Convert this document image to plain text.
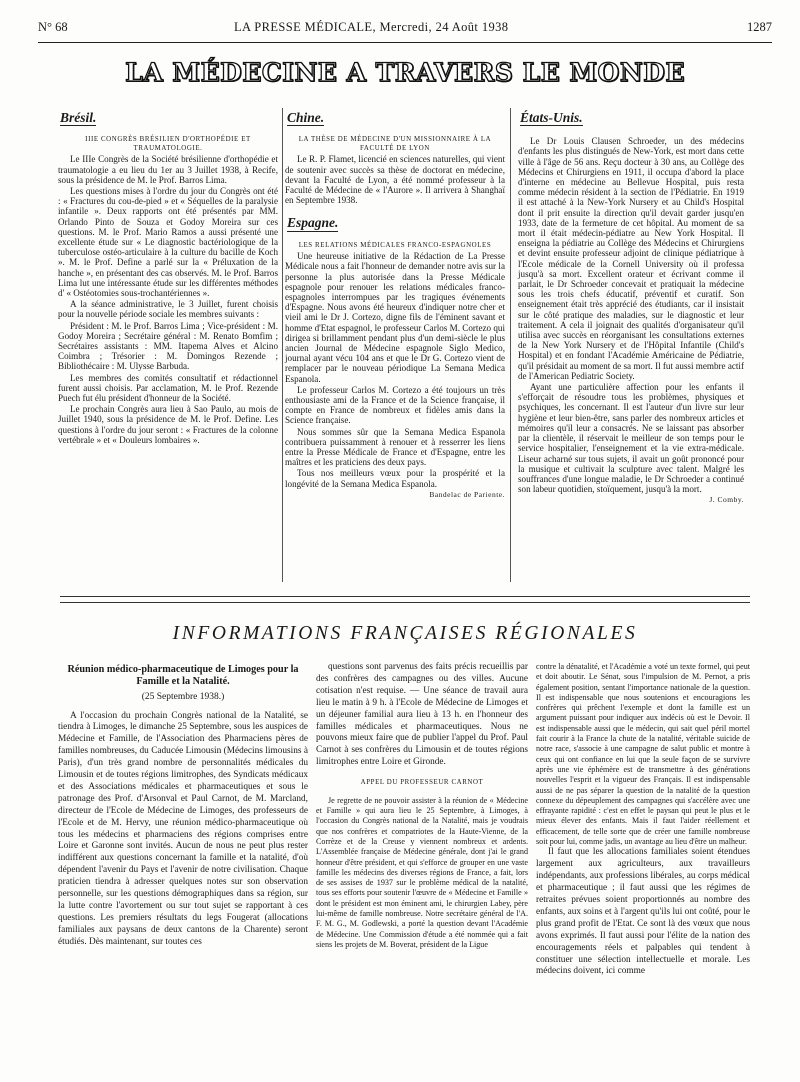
N° 68	LA PRESSE MÉDICALE, Mercredi, 24 Août 1938	1287
LA MÉDECINE A TRAVERS LE MONDE
Brésil.

IIIE CONGRÈS BRÉSILIEN D'ORTHOPÉDIE ET TRAUMATOLOGIE.

Le IIIe Congrès de la Société brésilienne d'orthopédie et traumatologie a eu lieu du 1er au 3 Juillet 1938, à Recife, sous la présidence de M. le Prof. Barros Lima.

Les questions mises à l'ordre du jour du Congrès ont été : « Fractures du cou-de-pied » et « Séquelles de la paralysie infantile ». Deux rapports ont été présentés par MM. Orlando Pinto de Souza et Godoy Moreira sur ces questions. M. le Prof. Mario Ramos a aussi présenté une excellente étude sur « Le diagnostic bactériologique de la tuberculose ostéo-articulaire à la culture du bacille de Koch ». M. le Prof. Define a parlé sur la « Préluxation de la hanche », en présentant des cas observés. M. le Prof. Barros Lima lut une intéressante étude sur les différentes méthodes d' « Ostéotomies sous-trochantériennes ».

A la séance administrative, le 3 Juillet, furent choisis pour la nouvelle période sociale les membres suivants :

Président : M. le Prof. Barros Lima ; Vice-président : M. Godoy Moreira ; Secrétaire général : M. Renato Bomfim ; Secrétaires assistants : MM. Itapema Alves et Alcino Coimbra ; Trésorier : M. Domingos Rezende ; Bibliothécaire : M. Ulysse Barbuda.

Les membres des comités consultatif et rédactionnel furent aussi choisis. Par acclamation, M. le Prof. Rezende Puech fut élu président d'honneur de la Société.

Le prochain Congrès aura lieu à Sao Paulo, au mois de Juillet 1940, sous la présidence de M. le Prof. Define. Les questions à l'ordre du jour seront : « Fractures de la colonne vertébrale » et « Douleurs lombaires ».

Chine.

LA THÈSE DE MÉDECINE D'UN MISSIONNAIRE À LA FACULTÉ DE LYON

Le R. P. Flamet, licencié en sciences naturelles, qui vient de soutenir avec succès sa thèse de doctorat en médecine, devant la Faculté de Lyon, a été nommé professeur à la Faculté de Médecine de « l'Aurore ». Il arrivera à Shanghaï en Septembre 1938.

Espagne.

LES RELATIONS MÉDICALES FRANCO-ESPAGNOLES

Une heureuse initiative de la Rédaction de La Presse Médicale nous a fait l'honneur de demander notre avis sur la personne la plus autorisée dans la Presse Médicale espagnole pour renouer les relations médicales franco-espagnoles interrompues par les tragiques événements d'Espagne. Nous avons été heureux d'indiquer notre cher et vieil ami le Dr J. Cortezo, digne fils de l'éminent savant et homme d'Etat espagnol, le professeur Carlos M. Cortezo qui dirigea si brillamment pendant plus d'un demi-siècle le plus ancien Journal de Médecine espagnole Siglo Medico, journal ayant vécu 104 ans et que le Dr G. Cortezo vient de remplacer par le nouveau périodique La Semana Medica Espanola.

Le professeur Carlos M. Cortezo a été toujours un très enthousiaste ami de la France et de la Science française, il compte en France de nombreux et fidèles amis dans la Science française.

Nous sommes sûr que la Semana Medica Espanola contribuera puissamment à renouer et à resserrer les liens entre la Presse Médicale de France et d'Espagne, entre les maîtres et les praticiens des deux pays.

Tous nos meilleurs vœux pour la prospérité et la longévité de la Semana Medica Espanola.

Bandelac de Pariente.

États-Unis.

Le Dr Louis Clausen Schroeder, un des médecins d'enfants les plus distingués de New-York, est mort dans cette ville à l'âge de 56 ans. Reçu docteur à 30 ans, au Collège des Médecins et Chirurgiens en 1911, il occupa d'abord la place d'interne en médecine au Bellevue Hospital, puis resta comme médecin résident à la section de l'Pédiatrie. En 1919 il est attaché à la New-York Nursery et au Child's Hospital dont il prit ensuite la direction qu'il devait garder jusqu'en 1933, date de la fermeture de cet hôpital. Au moment de sa mort il était médecin-pédiatre au New York Hospital. Il enseigna la pédiatrie au Collège des Médecins et Chirurgiens et devint ensuite professeur adjoint de clinique pédiatrique à l'Ecole médicale de la Cornell University où il professa jusqu'à sa mort. Excellent orateur et écrivant comme il parlait, le Dr Schroeder concevait et pratiquait la médecine sous les trois chefs éducatif, préventif et curatif. Son enseignement était très apprécié des étudiants, car il insistait sur le côté pratique des maladies, sur le diagnostic et leur traitement. A cela il joignait des qualités d'organisateur qu'il utilisa avec succès en réorganisant les consultations externes de la New York Nursery et de l'Hôpital Infantile (Child's Hospital) et en fondant l'Académie Américaine de Pédiatrie, qu'il présidait au moment de sa mort. Il fut aussi membre actif de l'American Pediatric Society.

Ayant une particulière affection pour les enfants il s'efforçait de résoudre tous les problèmes, physiques et psychiques, les concernant. Il est l'auteur d'un livre sur leur hygiène et leur bien-être, sans parler des nombreux articles et mémoires qu'il leur a consacrés. Ne se laissant pas absorber par la clientèle, il réservait le meilleur de son temps pour le service hospitalier, l'enseignement et la vie extra-médicale. Liseur acharné sur tous sujets, il avait un goût prononcé pour la musique et cultivait la sculpture avec talent. Malgré les souffrances d'une longue maladie, le Dr Schroeder a continué son labeur quotidien, stoïquement, jusqu'à la mort.

J. Comby.

INFORMATIONS FRANÇAISES RÉGIONALES
Réunion médico-pharmaceutique de Limoges pour la Famille et la Natalité.
(25 Septembre 1938.)

A l'occasion du prochain Congrès national de la Natalité, se tiendra à Limoges, le dimanche 25 Septembre, sous les auspices de Médecine et Famille, de l'Association des Pharmaciens pères de familles nombreuses, du Caducée Limousin (Médecins limousins à Paris), d'un très grand nombre de personnalités médicales du Limousin et de toutes régions limitrophes, des Syndicats médicaux et des Associations médicales et pharmaceutiques et sous le patronage des Prof. d'Arsonval et Paul Carnot, de M. Marcland, directeur de l'Ecole de Médecine de Limoges, des professeurs de l'Ecole et de M. Hervy, une réunion médico-pharmaceutique où tous les médecins et pharmaciens des régions comprises entre Loire et Garonne sont invités. Aucun de nous ne peut plus rester indifférent aux questions concernant la famille et la natalité, d'où dépendent l'avenir du Pays et l'avenir de notre civilisation. Chaque praticien tiendra à adresser quelques notes sur son observation personnelle, sur les questions démographiques dans sa région, sur la lutte contre l'avortement ou sur tout sujet se rapportant à ces questions. Les premiers résultats du legs Fougerat (allocations familiales aux paysans de deux cantons de la Charente) seront étudiés. Dès maintenant, sur toutes ces

questions sont parvenus des faits précis recueillis par des confrères des campagnes ou des villes. Aucune cotisation n'est requise. — Une séance de travail aura lieu le matin à 9 h. à l'Ecole de Médecine de Limoges et un déjeuner familial aura lieu à 13 h. en l'honneur des familles médicales et pharmaceutiques. Nous ne pouvons mieux faire que de publier l'appel du Prof. Paul Carnot à ses confrères du Limousin et de toutes régions limitrophes entre Loire et Gironde.

APPEL DU PROFESSEUR CARNOT

Je regrette de ne pouvoir assister à la réunion de « Médecine et Famille » qui aura lieu le 25 Septembre, à Limoges, à l'occasion du Congrès national de la Natalité, mais je voudrais que nos confrères et compatriotes de la Haute-Vienne, de la Corrèze et de la Creuse y viennent nombreux et ardents. L'Assemblée française de Médecine générale, dont j'ai le grand honneur d'être président, et qui s'efforce de grouper en une vaste famille les médecins des diverses régions de France, a fait, lors de ses assises de 1937 sur le problème médical de la natalité, tous ses efforts pour soutenir l'œuvre de « Médecine et Famille » dont le président est mon éminent ami, le chirurgien Labey, père lui-même de famille nombreuse. Notre secrétaire général de l'A. F. M. G., M. Godlewski, a porté la question devant l'Académie de Médecine. Une Commission d'étude a été nommée qui a fait siens les projets de M. Boverat, président de la Ligue

contre la dénatalité, et l'Académie a voté un texte formel, qui peut et doit aboutir. Le Sénat, sous l'impulsion de M. Pernot, a pris également position, sentant l'importance nationale de la question. Il est indispensable que nous soutenions et encouragions les confrères qui prêchent l'exemple et dont la famille est un argument puissant pour indiquer aux indécis où est le Devoir. Il est indispensable aussi que le médecin, qui sait quel péril mortel fait courir à la France la chute de la natalité, véritable suicide de notre race, s'associe à une campagne de salut public et montre à ceux qui ont confiance en lui que la seule façon de se survivre après une vie éphémère est de transmettre à des générations nouvelles l'esprit et la vigueur des Français. Il est indispensable aussi de ne pas séparer la question de la natalité de la question connexe du dépeuplement des campagnes qui s'accélère avec une effrayante rapidité : c'est en effet le paysan qui peut le plus et le mieux élever des enfants. Mais il faut l'aider réellement et efficacement, de telle sorte que de créer une famille nombreuse soit pour lui, comme jadis, un avantage au lieu d'être un malheur.

Il faut que les allocations familiales soient étendues largement aux agriculteurs, aux travailleurs indépendants, aux professions libérales, au corps médical et pharmaceutique ; il faut aussi que les régimes de retraites prévues soient proportionnés au nombre des enfants, aux soins et à l'argent qu'ils lui ont coûté, pour le plus grand profit de l'Etat. Ce sont là des vœux que nous avons exprimés. Il faut aussi pour l'élite de la nation des encouragements réels et palpables qui tendent à constituer une sélection intellectuelle et morale. Les médecins doivent, ici comme
